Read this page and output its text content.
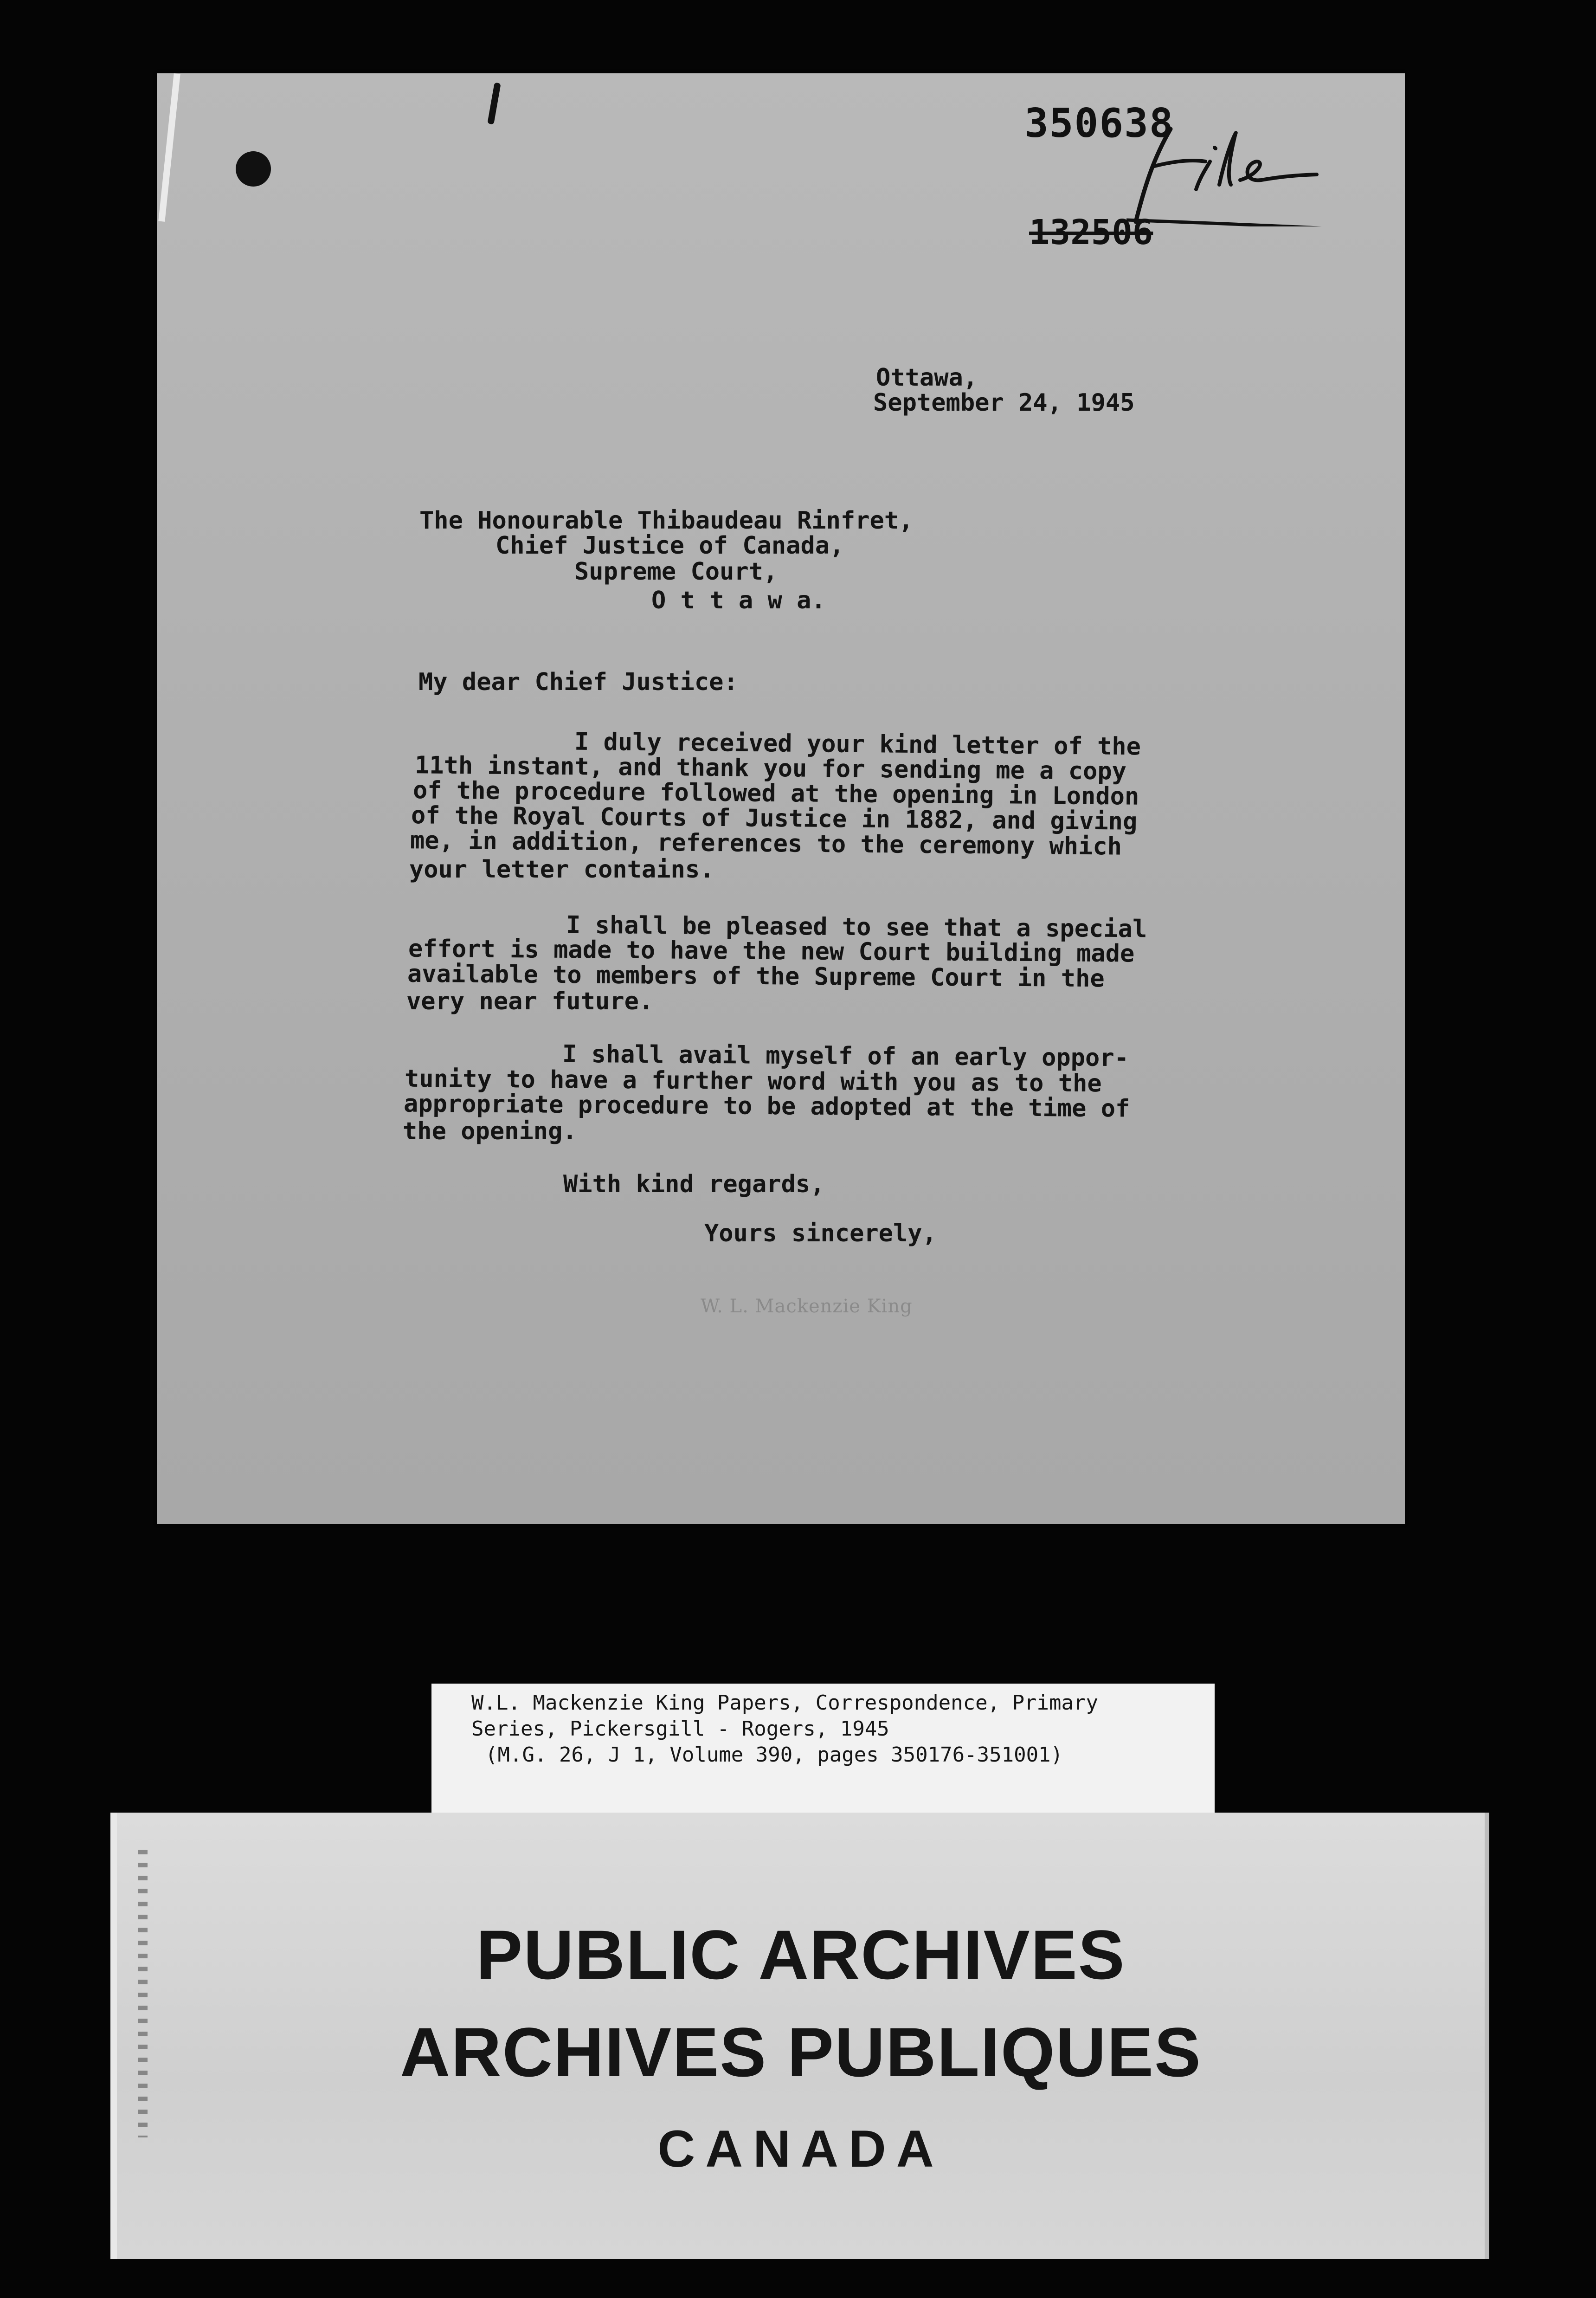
350638
132506
Ottawa,
September 24, 1945
The Honourable Thibaudeau Rinfret,
Chief Justice of Canada,
Supreme Court,
O t t a w a.
My dear Chief Justice:
I duly received your kind letter of the
11th instant, and thank you for sending me a copy
of the procedure followed at the opening in London
of the Royal Courts of Justice in 1882, and giving
me, in addition, references to the ceremony which
your letter contains.
I shall be pleased to see that a special
effort is made to have the new Court building made
available to members of the Supreme Court in the
very near future.
I shall avail myself of an early oppor-
tunity to have a further word with you as to the
appropriate procedure to be adopted at the time of
the opening.
With kind regards,
Yours sincerely,
W. L. Mackenzie King
W.L. Mackenzie King Papers, Correspondence, Primary
Series, Pickersgill - Rogers, 1945
(M.G. 26, J 1, Volume 390, pages 350176-351001)
PUBLIC ARCHIVES
ARCHIVES PUBLIQUES
CANADA
